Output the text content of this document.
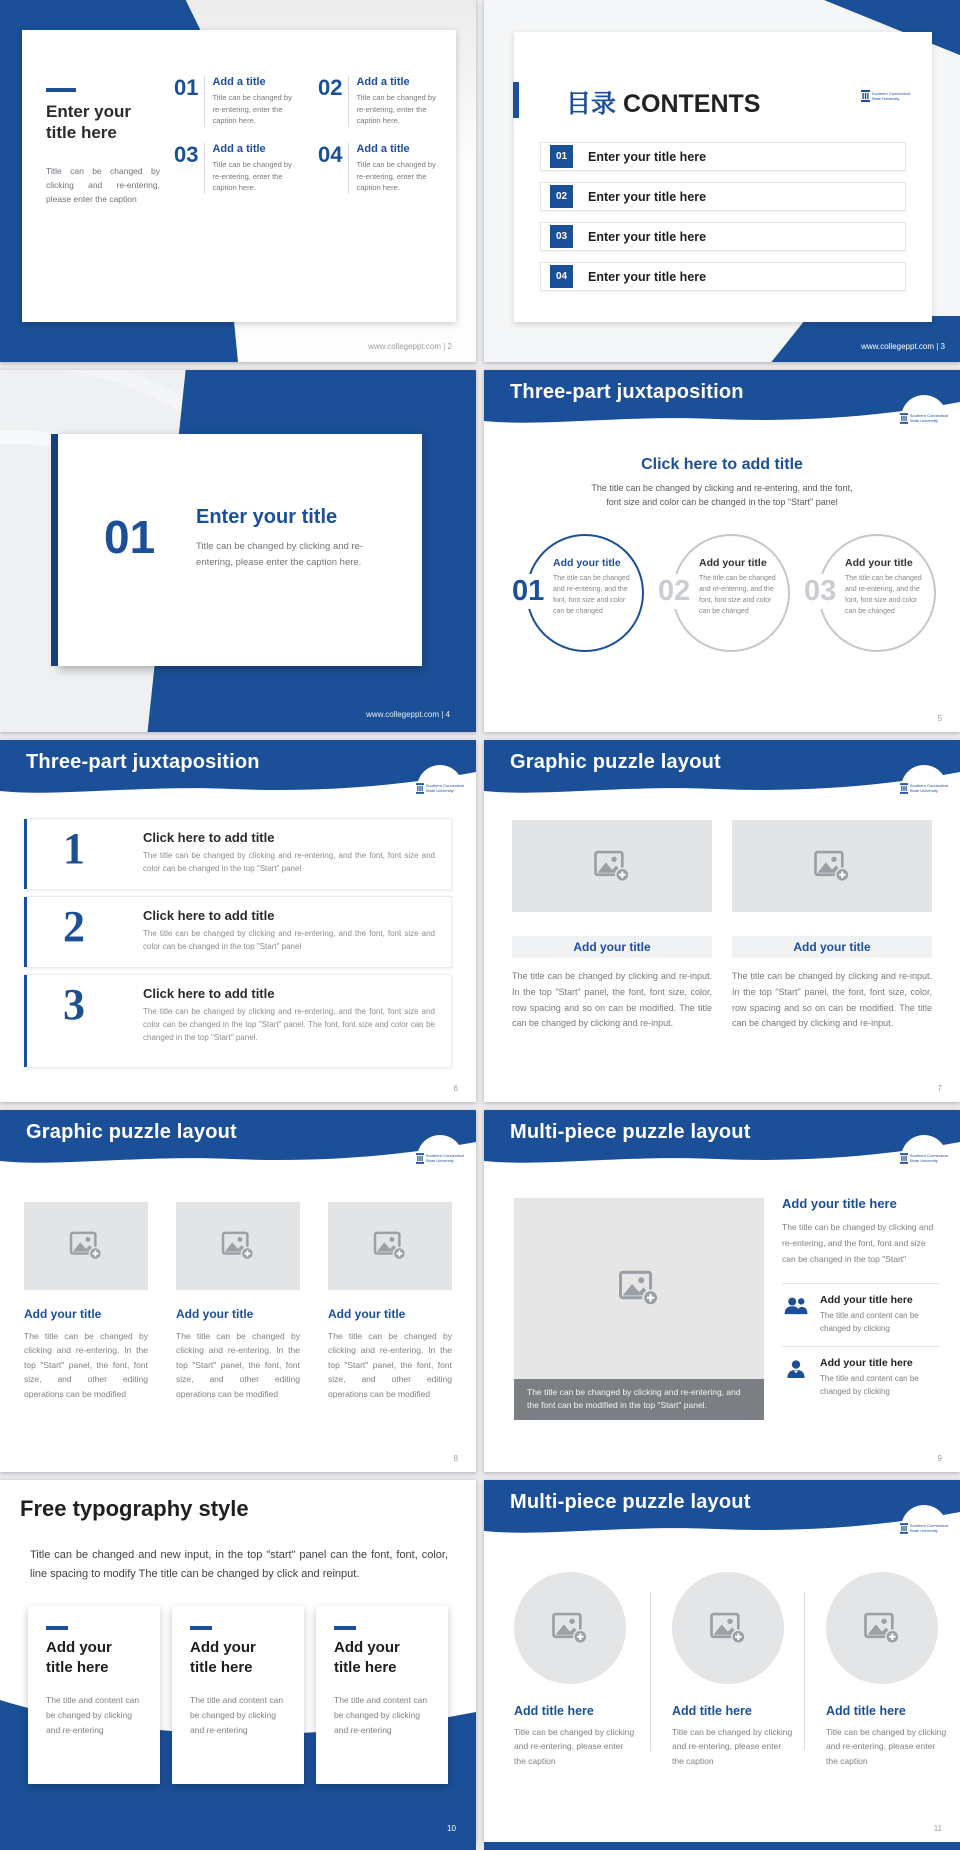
Enter your title here

Title can be changed by clicking and re-entering, please enter the caption

01	Add a title

Title can be changed by re-entering, enter the caption here.

02	Add a title

Title can be changed by re-entering, enter the caption here.

03	Add a title

Title can be changed by re-entering, enter the caption here.

04	Add a title

Title can be changed by re-entering, enter the caption here.

www.collegeppt.com | 2
目录 CONTENTS	Southern Connecticut
State University
01	Enter your title here
02	Enter your title here
03	Enter your title here
04	Enter your title here
www.collegeppt.com | 3
01 Enter your title

Title can be changed by clicking and re-entering, please enter the caption here.

www.collegeppt.com | 4
Three-part juxtaposition
Southern Connecticut
State University
Click here to add title
The title can be changed by clicking and re-entering, and the font,
font size and color can be changed in the top "Start" panel
01
Add your title

The title can be changed and re-entering, and the font, font size and color can be changed

02
Add your title

The title can be changed and re-entering, and the font, font size and color can be changed

03
Add your title

The title can be changed and re-entering, and the font, font size and color can be changed

5
Three-part juxtaposition
Southern Connecticut
State University
1	Click here to add title

The title can be changed by clicking and re-entering, and the font, font size and color can be changed in the top "Start" panel

2	Click here to add title

The title can be changed by clicking and re-entering, and the font, font size and color can be changed in the top "Start" panel

3	Click here to add title

The title can be changed by clicking and re-entering, and the font, font size and color can be changed in the top "Start" panel. The font, font size and color can be changed in the top "Start" panel.

6
Graphic puzzle layout
Southern Connecticut
State University
Add your title

The title can be changed by clicking and re-input. In the top "Start" panel, the font, font size, color, row spacing and so on can be modified. The title can be changed by clicking and re-input.

Add your title

The title can be changed by clicking and re-input. In the top "Start" panel, the font, font size, color, row spacing and so on can be modified. The title can be changed by clicking and re-input.

7
Graphic puzzle layout
Southern Connecticut
State University
Add your title

The title can be changed by clicking and re-entering. In the top "Start" panel, the font, font size, and other editing operations can be modified

Add your title

The title can be changed by clicking and re-entering. In the top "Start" panel, the font, font size, and other editing operations can be modified

Add your title

The title can be changed by clicking and re-entering. In the top "Start" panel, the font, font size, and other editing operations can be modified

8
Multi-piece puzzle layout
Southern Connecticut
State University
The title can be changed by clicking and re-entering, and the font can be modified in the top "Start" panel.
Add your title here

The title can be changed by clicking and re-entering, and the font, font and size can be changed in the top "Start"

Add your title here

The title and content can be changed by clicking

Add your title here

The title and content can be changed by clicking

9
Free typography style

Title can be changed and new input, in the top "start" panel can the font, font, color, line spacing to modify The title can be changed by click and reinput.

Add your title here

The title and content can be changed by clicking and re-entering

Add your title here

The title and content can be changed by clicking and re-entering

Add your title here

The title and content can be changed by clicking and re-entering

10
Multi-piece puzzle layout
Southern Connecticut
State University
Add title here

Title can be changed by clicking and re-entering, please enter the caption

Add title here

Title can be changed by clicking and re-entering, please enter the caption

Add title here

Title can be changed by clicking and re-entering, please enter the caption

11
